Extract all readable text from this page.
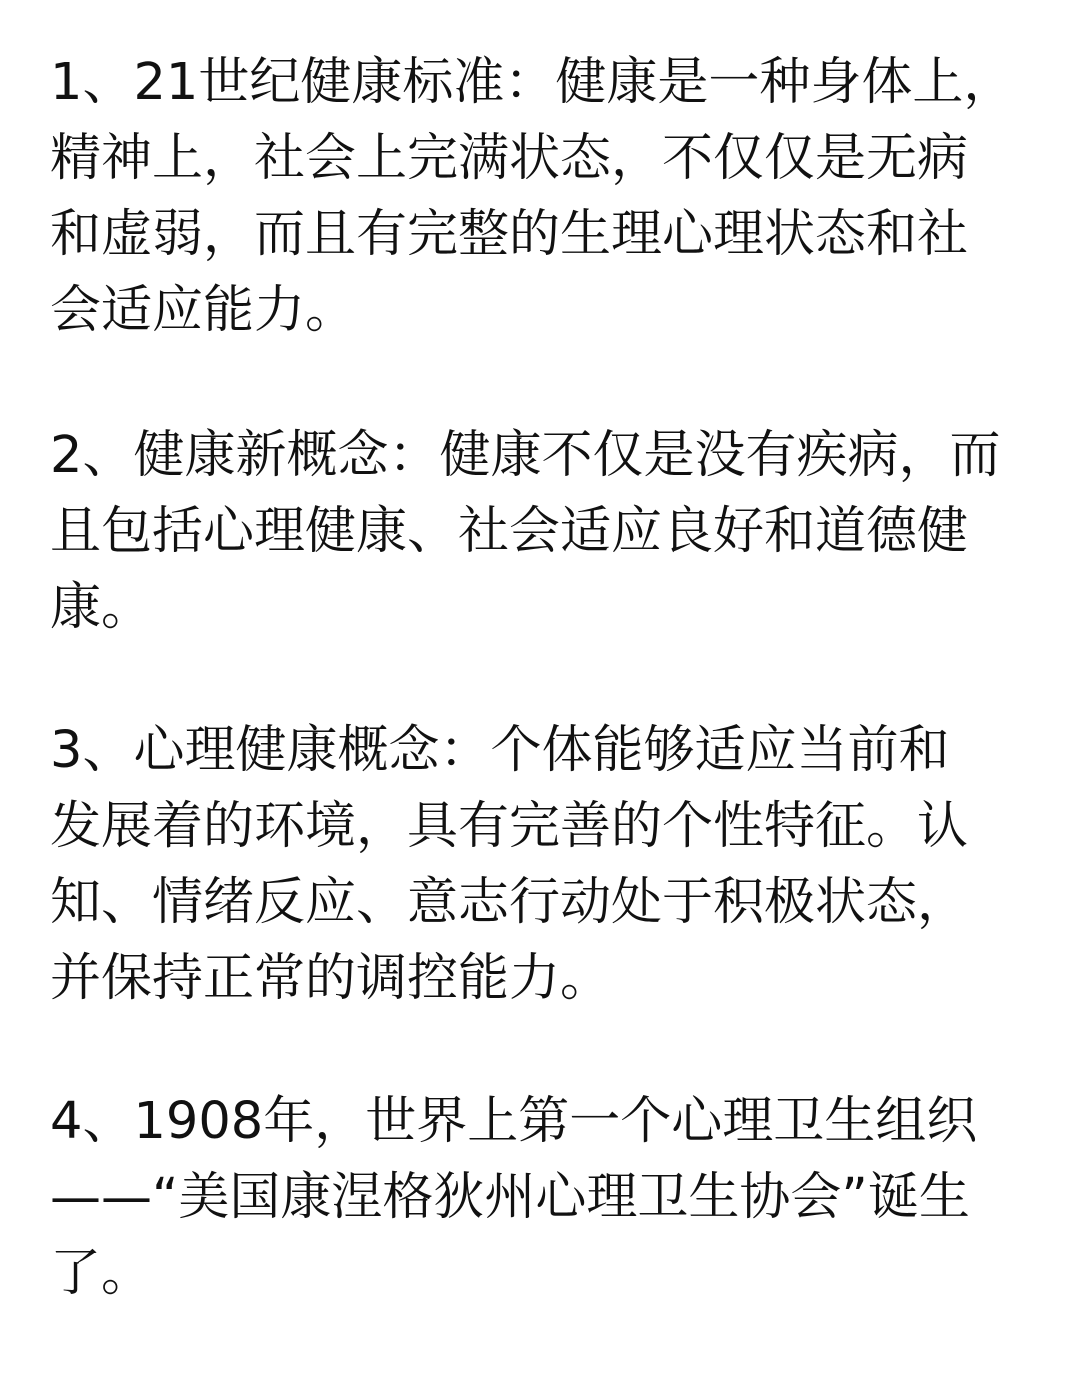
1、21世纪健康标准：健康是一种身体上，
精神上，社会上完满状态，不仅仅是无病
和虚弱，而且有完整的生理心理状态和社
会适应能力。

2、健康新概念：健康不仅是没有疾病，而
且包括心理健康、社会适应良好和道德健
康。

3、心理健康概念：个体能够适应当前和
发展着的环境，具有完善的个性特征。认
知、情绪反应、意志行动处于积极状态，
并保持正常的调控能力。

4、1908年，世界上第一个心理卫生组织
——“美国康涅格狄州心理卫生协会”诞生
了。
